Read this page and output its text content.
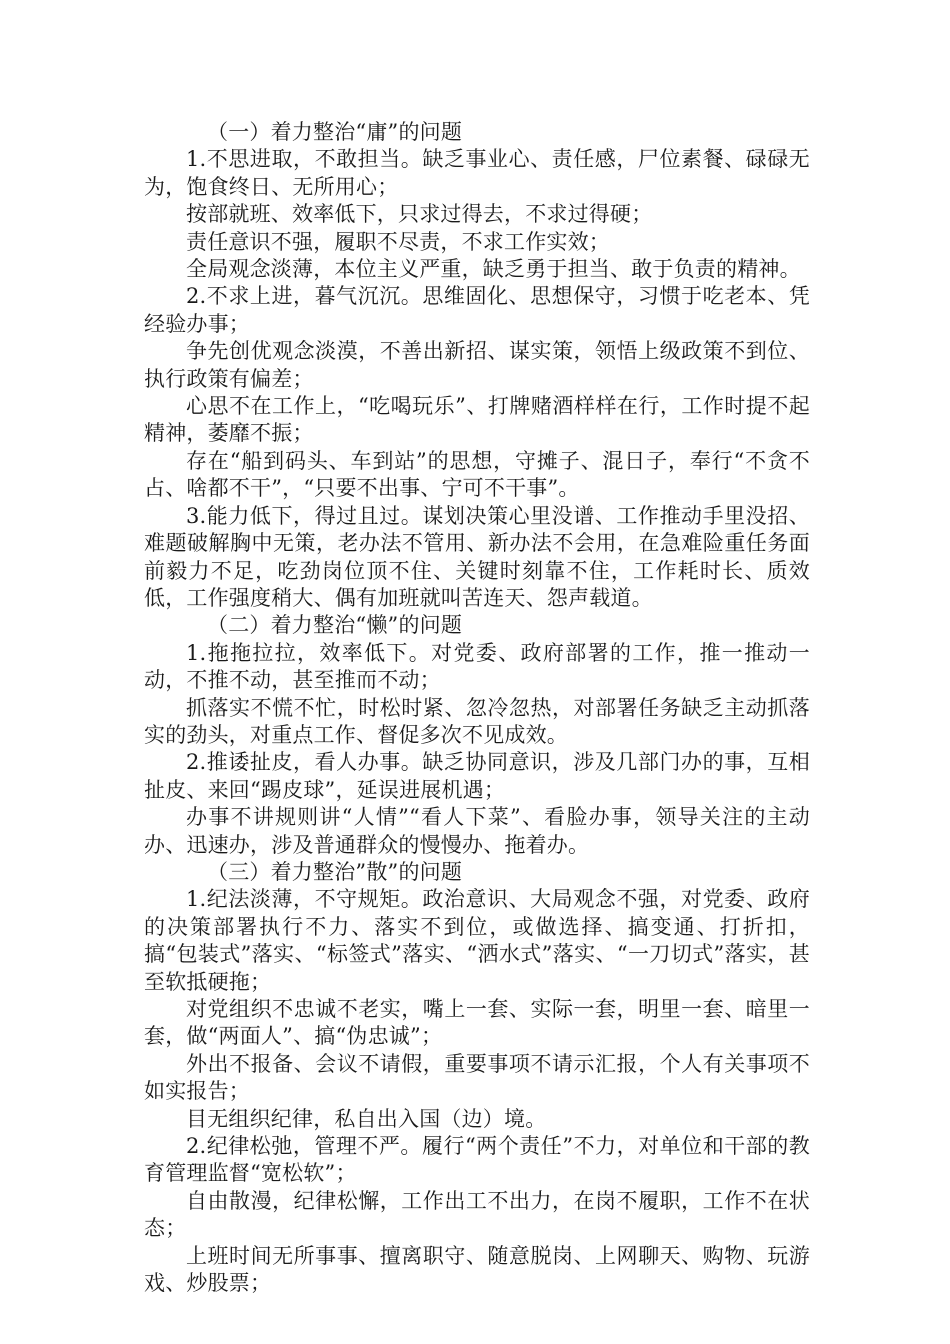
（一）着力整治“庸”的问题

1.不思进取，不敢担当。缺乏事业心、责任感，尸位素餐、碌碌无为，饱食终日、无所用心；

按部就班、效率低下，只求过得去，不求过得硬；

责任意识不强，履职不尽责，不求工作实效；

全局观念淡薄，本位主义严重，缺乏勇于担当、敢于负责的精神。

2.不求上进，暮气沉沉。思维固化、思想保守，习惯于吃老本、凭经验办事；

争先创优观念淡漠，不善出新招、谋实策，领悟上级政策不到位、执行政策有偏差；

心思不在工作上，“吃喝玩乐”、打牌赌酒样样在行，工作时提不起精神，萎靡不振；

存在“船到码头、车到站”的思想，守摊子、混日子，奉行“不贪不占、啥都不干”，“只要不出事、宁可不干事”。

3.能力低下，得过且过。谋划决策心里没谱、工作推动手里没招、难题破解胸中无策，老办法不管用、新办法不会用，在急难险重任务面前毅力不足，吃劲岗位顶不住、关键时刻靠不住，工作耗时长、质效低，工作强度稍大、偶有加班就叫苦连天、怨声载道。

（二）着力整治“懒”的问题

1.拖拖拉拉，效率低下。对党委、政府部署的工作，推一推动一动，不推不动，甚至推而不动；

抓落实不慌不忙，时松时紧、忽冷忽热，对部署任务缺乏主动抓落实的劲头，对重点工作、督促多次不见成效。

2.推诿扯皮，看人办事。缺乏协同意识，涉及几部门办的事，互相扯皮、来回“踢皮球”，延误进展机遇；

办事不讲规则讲“人情”“看人下菜”、看脸办事，领导关注的主动办、迅速办，涉及普通群众的慢慢办、拖着办。

（三）着力整治”散”的问题

1.纪法淡薄，不守规矩。政治意识、大局观念不强，对党委、政府的决策部署执行不力、落实不到位，或做选择、搞变通、打折扣，搞“包装式”落实、“标签式”落实、“洒水式”落实、“一刀切式”落实，甚至软抵硬拖；

对党组织不忠诚不老实，嘴上一套、实际一套，明里一套、暗里一套，做“两面人”、搞“伪忠诚”；

外出不报备、会议不请假，重要事项不请示汇报，个人有关事项不如实报告；

目无组织纪律，私自出入国（边）境。

2.纪律松弛，管理不严。履行“两个责任”不力，对单位和干部的教育管理监督“宽松软”；

自由散漫，纪律松懈，工作出工不出力，在岗不履职，工作不在状态；

上班时间无所事事、擅离职守、随意脱岗、上网聊天、购物、玩游戏、炒股票；
